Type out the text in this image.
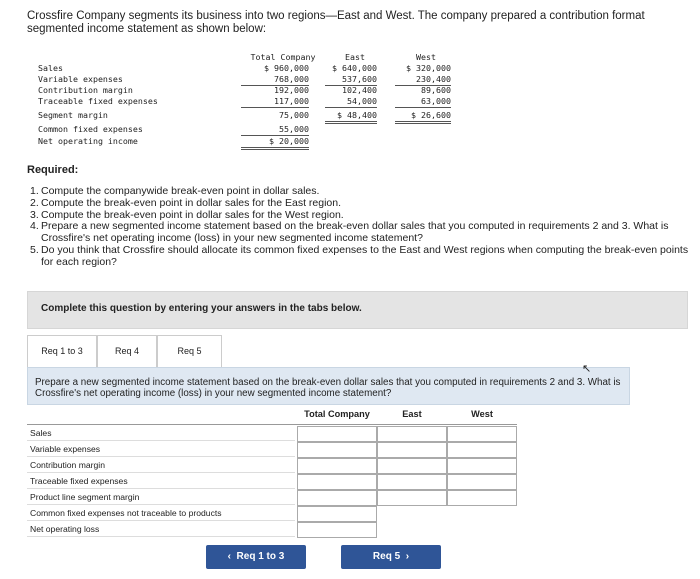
Crossfire Company segments its business into two regions—East and West. The company prepared a contribution format segmented income statement as shown below:
Total Company	East	West
Sales	$ 960,000	$ 640,000	$ 320,000
Variable expenses	768,000	537,600	230,400
Contribution margin	192,000	102,400	89,600
Traceable fixed expenses	117,000	54,000	63,000
Segment margin	75,000	$ 48,400	$ 26,600
Common fixed expenses	55,000
Net operating income	$ 20,000
Required:
1. Compute the companywide break-even point in dollar sales.
2. Compute the break-even point in dollar sales for the East region.
3. Compute the break-even point in dollar sales for the West region.
4. Prepare a new segmented income statement based on the break-even dollar sales that you computed in requirements 2 and 3. What is Crossfire's net operating income (loss) in your new segmented income statement?
5. Do you think that Crossfire should allocate its common fixed expenses to the East and West regions when computing the break-even points for each region?
Complete this question by entering your answers in the tabs below.
Req 1 to 3	Req 4	Req 5
Prepare a new segmented income statement based on the break-even dollar sales that you computed in requirements 2 and 3. What is Crossfire's net operating income (loss) in your new segmented income statement?
↖
Total Company	East	West
Sales
Variable expenses
Contribution margin
Traceable fixed expenses
Product line segment margin
Common fixed expenses not traceable to products
Net operating loss
‹ Req 1 to 3	Req 5 ›
